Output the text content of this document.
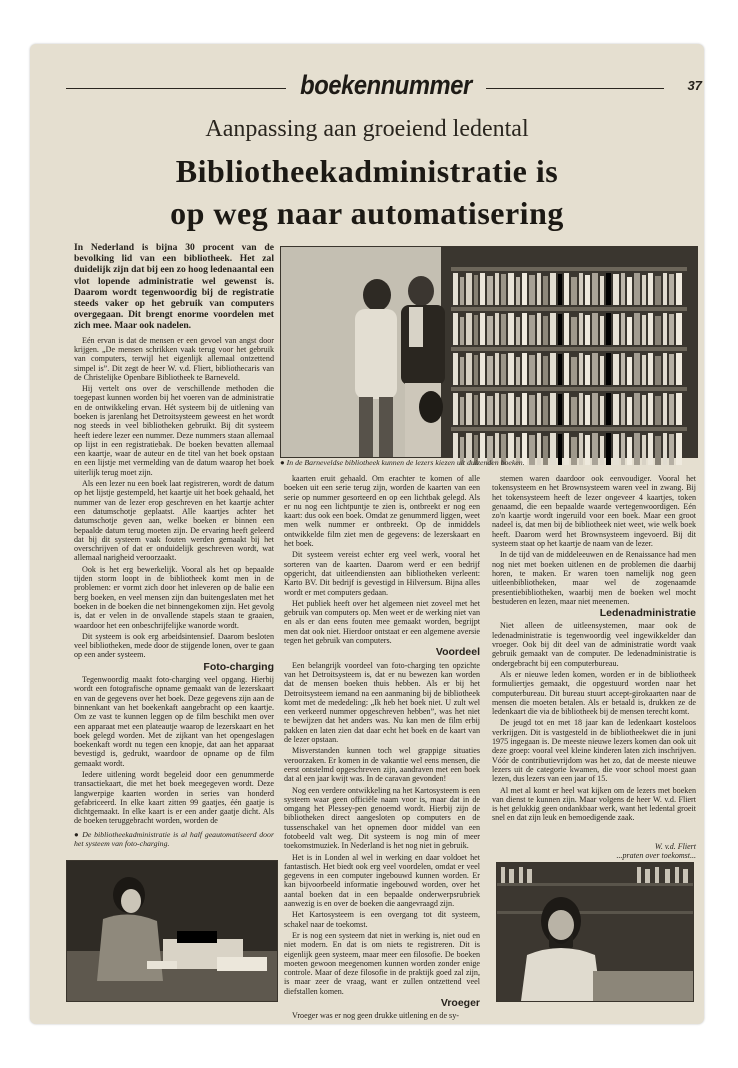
boekennummer	37
Aanpassing aan groeiend ledental
Bibliotheekadministratie is
op weg naar automatisering
● In de Barneveldse bibliotheek kunnen de lezers kiezen uit duizenden boeken.

In Nederland is bijna 30 procent van de bevolking lid van een bibliotheek. Het zal duidelijk zijn dat bij een zo hoog ledenaantal een vlot lopende administratie wel gewenst is. Daarom wordt tegenwoordig bij de registratie steeds vaker op het gebruik van computers overgegaan. Dit brengt enorme voordelen met zich mee. Maar ook nadelen.

Eén ervan is dat de mensen er een gevoel van angst door krijgen. „De mensen schrikken vaak terug voor het gebruik van computers, terwijl het eigenlijk allemaal ontzettend simpel is”. Dit zegt de heer W. v.d. Fliert, bibliothecaris van de Christelijke Openbare Bibliotheek te Barneveld.

Hij vertelt ons over de verschillende methoden die toegepast kunnen worden bij het voeren van de administratie en de ontwikkeling ervan. Hét systeem bij de uitlening van boeken is jarenlang het Detroitsysteem geweest en het wordt nog steeds in veel bibliotheken gebruikt. Bij dit systeem heeft iedere lezer een nummer. Deze nummers staan allemaal op lijst in een registratiebak. De boeken bevatten allemaal een kaartje, waar de auteur en de titel van het boek opstaan en een lijstje met vermelding van de datum waarop het boek uiterlijk terug moet zijn.

Als een lezer nu een boek laat registreren, wordt de datum op het lijstje gestempeld, het kaartje uit het boek gehaald, het nummer van de lezer erop geschreven en het kaartje achter een datumschotje geplaatst. Alle kaartjes achter het datumschotje geven aan, welke boeken er binnen een bepaalde datum terug moeten zijn. De ervaring heeft geleerd dat bij dit systeem vaak fouten werden gemaakt bij het overschrijven of dat er onduidelijk geschreven wordt, wat allemaal narigheid veroorzaakt.

Ook is het erg bewerkelijk. Vooral als het op bepaalde tijden storm loopt in de bibliotheek komt men in de problemen: er vormt zich door het inleveren op de balie een berg boeken, en veel mensen zijn dan buitengeslaten met het boeken in de boeken die net binnengekomen zijn. Het gevolg is, dat er velen in de onvallende stapels staan te graaien, waardoor het een onbeschrijfelijke wanorde wordt.

Dit systeem is ook erg arbeidsintensief. Daarom besloten veel bibliotheken, mede door de stijgende lonen, over te gaan op een ander systeem.

Foto-charging

Tegenwoordig maakt foto-charging veel opgang. Hierbij wordt een fotografische opname gemaakt van de lezerskaart en van de gegevens over het boek. Deze gegevens zijn aan de binnenkant van het boekenkaft aangebracht op een kaartje. Om ze vast te kunnen leggen op de film beschikt men over een apparaat met een plateautje waarop de lezerskaart en het boek gelegd worden. Met de zijkant van het opengeslagen boekenkaft wordt nu tegen een knopje, dat aan het apparaat bevestigd is, gedrukt, waardoor de opname op de film gemaakt wordt.

Iedere uitlening wordt begeleid door een genummerde transactiekaart, die met het boek meegegeven wordt. Deze langwerpige kaarten worden in series van honderd gefabriceerd. In elke kaart zitten 99 gaatjes, één gaatje is dichtgemaakt. In elke kaart is er een ander gaatje dicht. Als de boeken teruggebracht worden, worden de

● De bibliotheekadministratie is al half geautomatiseerd door het systeem van foto-charging.

kaarten eruit gehaald. Om erachter te komen of alle boeken uit een serie terug zijn, worden de kaarten van een serie op nummer gesorteerd en op een lichtbak gelegd. Als er nu nog een lichtpuntje te zien is, ontbreekt er nog een kaart: dus ook een boek. Omdat ze genummerd liggen, weet men welk nummer er ontbreekt. Op de inmiddels ontwikkelde film ziet men de gegevens: de lezerskaart en het boek.

Dit systeem vereist echter erg veel werk, vooral het sorteren van de kaarten. Daarom werd er een bedrijf opgericht, dat uitleendiensten aan bibliotheken verleent: Karto BV. Dit bedrijf is gevestigd in Hilversum. Bijna alles wordt er met computers gedaan.

Het publiek heeft over het algemeen niet zoveel met het gebruik van computers op. Men weet er de werking niet van en als er dan eens fouten mee gemaakt worden, begrijpt men dat ook niet. Hierdoor ontstaat er een algemene aversie tegen het gebruik van computers.

Voordeel

Een belangrijk voordeel van foto-charging ten opzichte van het Detroitsysteem is, dat er nu bewezen kan worden dat de mensen boeken thuis hebben. Als er bij het Detroitsysteem iemand na een aanmaning bij de bibliotheek komt met de mededeling: „Ik heb het boek niet. U zult wel een verkeerd nummer opgeschreven hebben”, was het niet te bewijzen dat het anders was. Nu kan men de film erbij pakken en laten zien dat daar echt het boek en de kaart van de lezer opstaan.

Misverstanden kunnen toch wel grappige situaties veroorzaken. Er komen in de vakantie wel eens mensen, die eerst ontstelmd opgeschreven zijn, aandraven met een boek dat al een jaar kwijt was. In de caravan gevonden!

Nog een verdere ontwikkeling na het Kartosysteem is een systeem waar geen officiële naam voor is, maar dat in de omgang het Plessey-pen genoemd wordt. Hierbij zijn de bibliotheken direct aangesloten op computers en de tussenschakel van het opnemen door middel van een fotobeeld valt weg. Dit systeem is nog min of meer toekomstmuziek. In Nederland is het nog niet in gebruik.

Het is in Londen al wel in werking en daar voldoet het fantastisch. Het biedt ook erg veel voordelen, omdat er veel gegevens in een computer ingebouwd kunnen worden. Er kan bijvoorbeeld informatie ingebouwd worden, over het aantal boeken dat in een bepaalde onderwerpsrubriek aanwezig is en over de boeken die aangevraagd zijn.

Het Kartosysteem is een overgang tot dit systeem, schakel naar de toekomst.

Er is nog een systeem dat niet in werking is, niet oud en niet modern. En dat is om niets te registreren. Dit is eigenlijk geen systeem, maar meer een filosofie. De boeken moeten gewoon meegenomen kunnen worden zonder enige controle. Maar of deze filosofie in de praktijk goed zal zijn, is maar zeer de vraag, want er zullen ontzettend veel diefstallen komen.

Vroeger

Vroeger was er nog geen drukke uitlening en de sy-

stemen waren daardoor ook eenvoudiger. Vooral het tokensysteem en het Brownsysteem waren veel in zwang. Bij het tokensysteem heeft de lezer ongeveer 4 kaartjes, token genaamd, die een bepaalde waarde vertegenwoordigen. Eén zo'n kaartje wordt ingeruild voor een boek. Maar een groot nadeel is, dat men bij de bibliotheek niet weet, wie welk boek heeft. Daarom werd het Brownsysteem ingevoerd. Bij dit systeem staat op het kaartje de naam van de lezer.

In de tijd van de middeleeuwen en de Renaissance had men nog niet met boeken uitlenen en de problemen die daarbij horen, te maken. Er waren toen namelijk nog geen uitleenbibliotheken, maar wel de zogenaamde presentiebibliotheken, waarbij men de boeken wel mocht bestuderen en lezen, maar niet meenemen.

Ledenadministratie

Niet alleen de uitleensystemen, maar ook de ledenadministratie is tegenwoordig veel ingewikkelder dan vroeger. Ook bij dit deel van de administratie wordt vaak gebruik gemaakt van de computer. De ledenadministratie is ondergebracht bij een computerbureau.

Als er nieuwe leden komen, worden er in de bibliotheek formuliertjes gemaakt, die opgestuurd worden naar het computerbureau. Dit bureau stuurt accept-girokaarten naar de mensen die moeten betalen. Als er betaald is, drukken ze de ledenkaart die via de bibliotheek bij de mensen terecht komt.

De jeugd tot en met 18 jaar kan de ledenkaart kosteloos verkrijgen. Dit is vastgesteld in de bibliotheekwet die in juni 1975 ingegaan is. De meeste nieuwe lezers komen dan ook uit deze groep: vooral veel kleine kinderen laten zich inschrijven. Vóór de contributievrijdom was het zo, dat de meeste nieuwe lezers uit de categorie kwamen, die voor school moest gaan lezen, dus lezers van een jaar of 15.

Al met al komt er heel wat kijken om de lezers met boeken van dienst te kunnen zijn. Maar volgens de heer W. v.d. Fliert is het gelukkig geen ondankbaar werk, want het ledental groeit snel en dat zijn leuk en bemoedigende zaak.

W. v.d. Fliert
...praten over toekomst...
